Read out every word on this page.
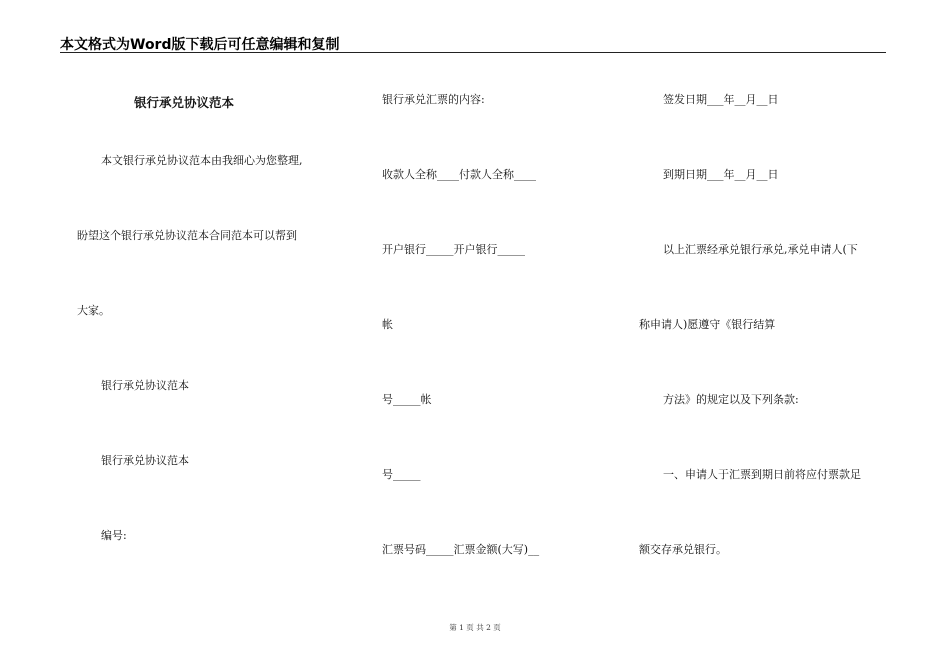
本文格式为Word版下载后可任意编辑和复制
银行承兑协议范本
本文银行承兑协议范本由我细心为您整理,
盼望这个银行承兑协议范本合同范本可以帮到
大家。
银行承兑协议范本
银行承兑协议范本
编号:
银行承兑汇票的内容:
收款人全称____付款人全称____
开户银行_____开户银行_____
帐
号_____帐
号_____
汇票号码_____汇票金额(大写)__
签发日期___年__月__日
到期日期___年__月__日
以上汇票经承兑银行承兑,承兑申请人(下
称申请人)愿遵守《银行结算
方法》的规定以及下列条款:
一、申请人于汇票到期日前将应付票款足
额交存承兑银行。
第 1 页 共 2 页
